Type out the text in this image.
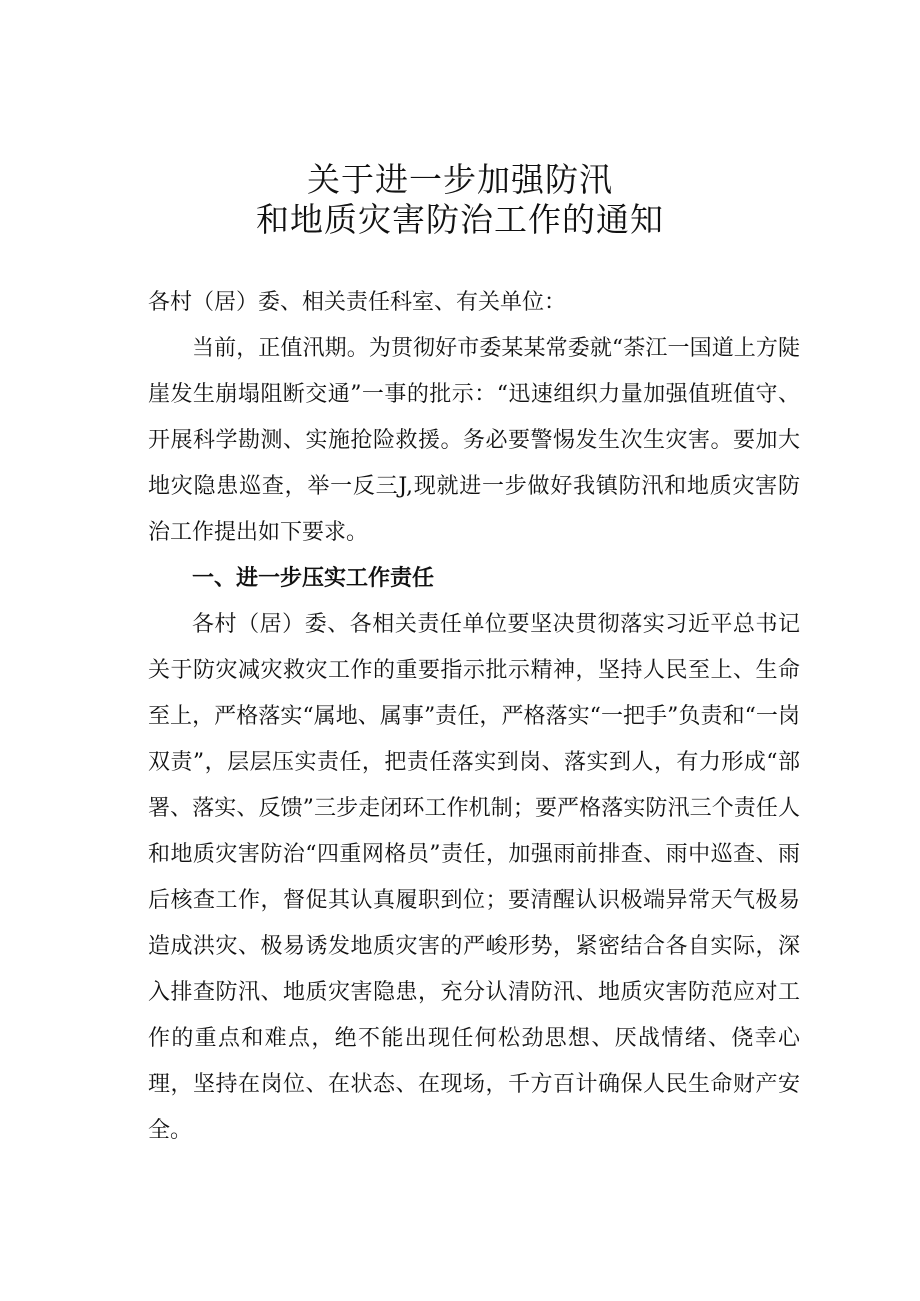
关于进一步加强防汛
和地质灾害防治工作的通知

各村（居）委、相关责任科室、有关单位：

当前，正值汛期。为贯彻好市委某某常委就“荼江一国道上方陡崖发生崩塌阻断交通”一事的批示：“迅速组织力量加强值班值守、开展科学勘测、实施抢险救援。务必要警惕发生次生灾害。要加大地灾隐患巡查，举一反三J,现就进一步做好我镇防汛和地质灾害防治工作提出如下要求。

一、进一步压实工作责任

各村（居）委、各相关责任单位要坚决贯彻落实习近平总书记关于防灾减灾救灾工作的重要指示批示精神，坚持人民至上、生命至上，严格落实“属地、属事”责任，严格落实“一把手”负责和“一岗双责”，层层压实责任，把责任落实到岗、落实到人，有力形成“部署、落实、反馈”三步走闭环工作机制；要严格落实防汛三个责任人和地质灾害防治“四重网格员”责任，加强雨前排查、雨中巡查、雨后核查工作，督促其认真履职到位；要清醒认识极端异常天气极易造成洪灾、极易诱发地质灾害的严峻形势，紧密结合各自实际，深入排查防汛、地质灾害隐患，充分认清防汛、地质灾害防范应对工作的重点和难点，绝不能出现任何松劲思想、厌战情绪、侥幸心理，坚持在岗位、在状态、在现场，千方百计确保人民生命财产安全。
